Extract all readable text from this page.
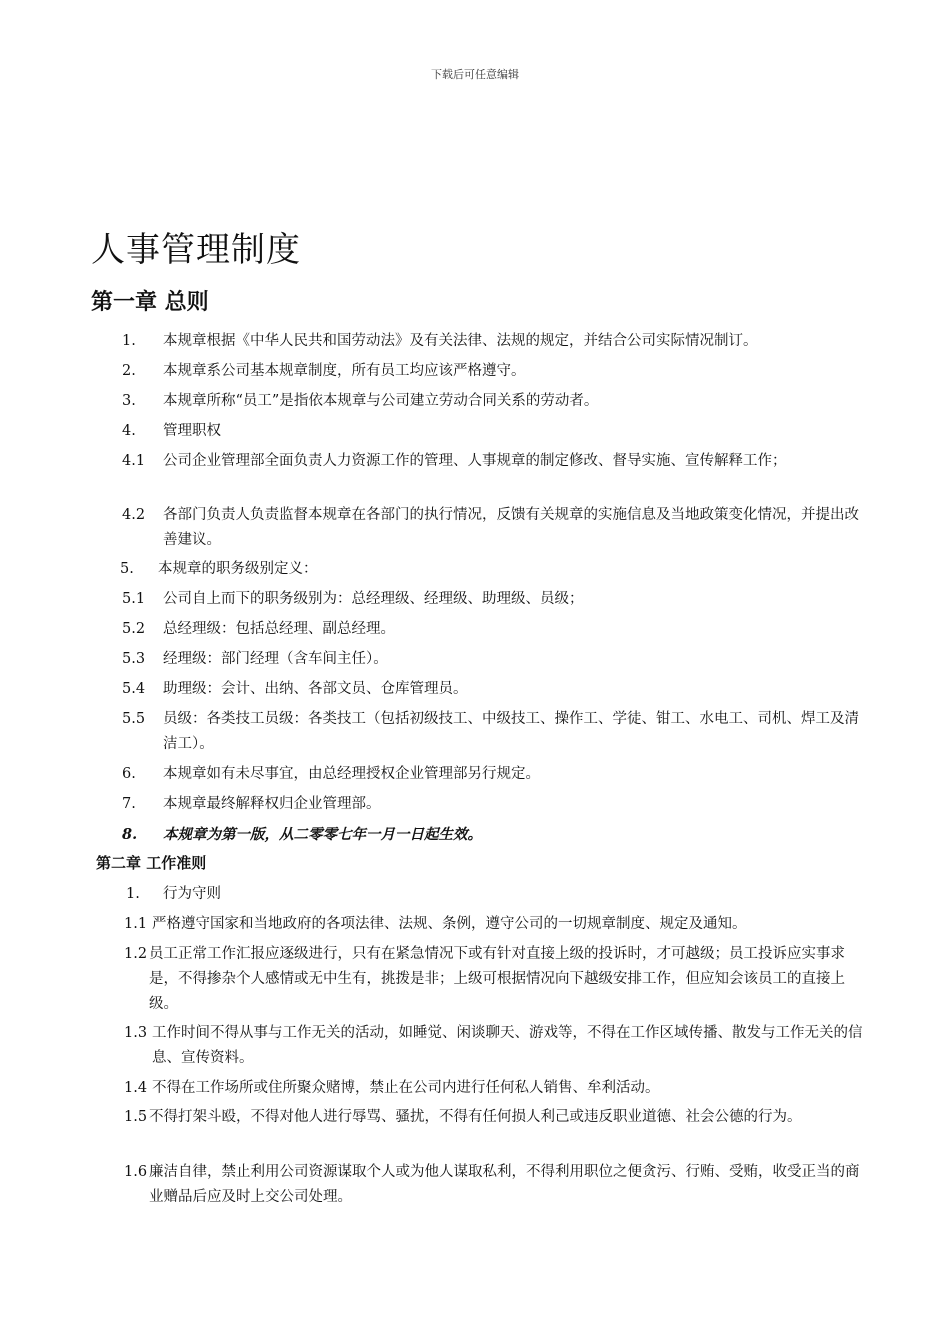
下载后可任意编辑
人事管理制度
第一章 总则
1. 本规章根据《中华人民共和国劳动法》及有关法律、法规的规定，并结合公司实际情况制订。
2. 本规章系公司基本规章制度，所有员工均应该严格遵守。
3. 本规章所称“员工”是指依本规章与公司建立劳动合同关系的劳动者。
4. 管理职权
4.1 公司企业管理部全面负责人力资源工作的管理、人事规章的制定修改、督导实施、宣传解释工作；
4.2 各部门负责人负责监督本规章在各部门的执行情况，反馈有关规章的实施信息及当地政策变化情况，并提出改善建议。
5. 本规章的职务级别定义：
5.1 公司自上而下的职务级别为：总经理级、经理级、助理级、员级；
5.2 总经理级：包括总经理、副总经理。
5.3 经理级：部门经理（含车间主任）。
5.4 助理级：会计、出纳、各部文员、仓库管理员。
5.5 员级：各类技工员级：各类技工（包括初级技工、中级技工、操作工、学徒、钳工、水电工、司机、焊工及清洁工）。
6. 本规章如有未尽事宜，由总经理授权企业管理部另行规定。
7. 本规章最终解释权归企业管理部。
8. 本规章为第一版，从二零零七年一月一日起生效。
第二章 工作准则
1. 行为守则
1.1 严格遵守国家和当地政府的各项法律、法规、条例，遵守公司的一切规章制度、规定及通知。
1.2 员工正常工作汇报应逐级进行，只有在紧急情况下或有针对直接上级的投诉时，才可越级；员工投诉应实事求是，不得掺杂个人感情或无中生有，挑拨是非；上级可根据情况向下越级安排工作，但应知会该员工的直接上级。
1.3 工作时间不得从事与工作无关的活动，如睡觉、闲谈聊天、游戏等，不得在工作区域传播、散发与工作无关的信息、宣传资料。
1.4 不得在工作场所或住所聚众赌博，禁止在公司内进行任何私人销售、牟利活动。
1.5 不得打架斗殴，不得对他人进行辱骂、骚扰，不得有任何损人利己或违反职业道德、社会公德的行为。
1.6 廉洁自律，禁止利用公司资源谋取个人或为他人谋取私利，不得利用职位之便贪污、行贿、受贿，收受正当的商业赠品后应及时上交公司处理。
